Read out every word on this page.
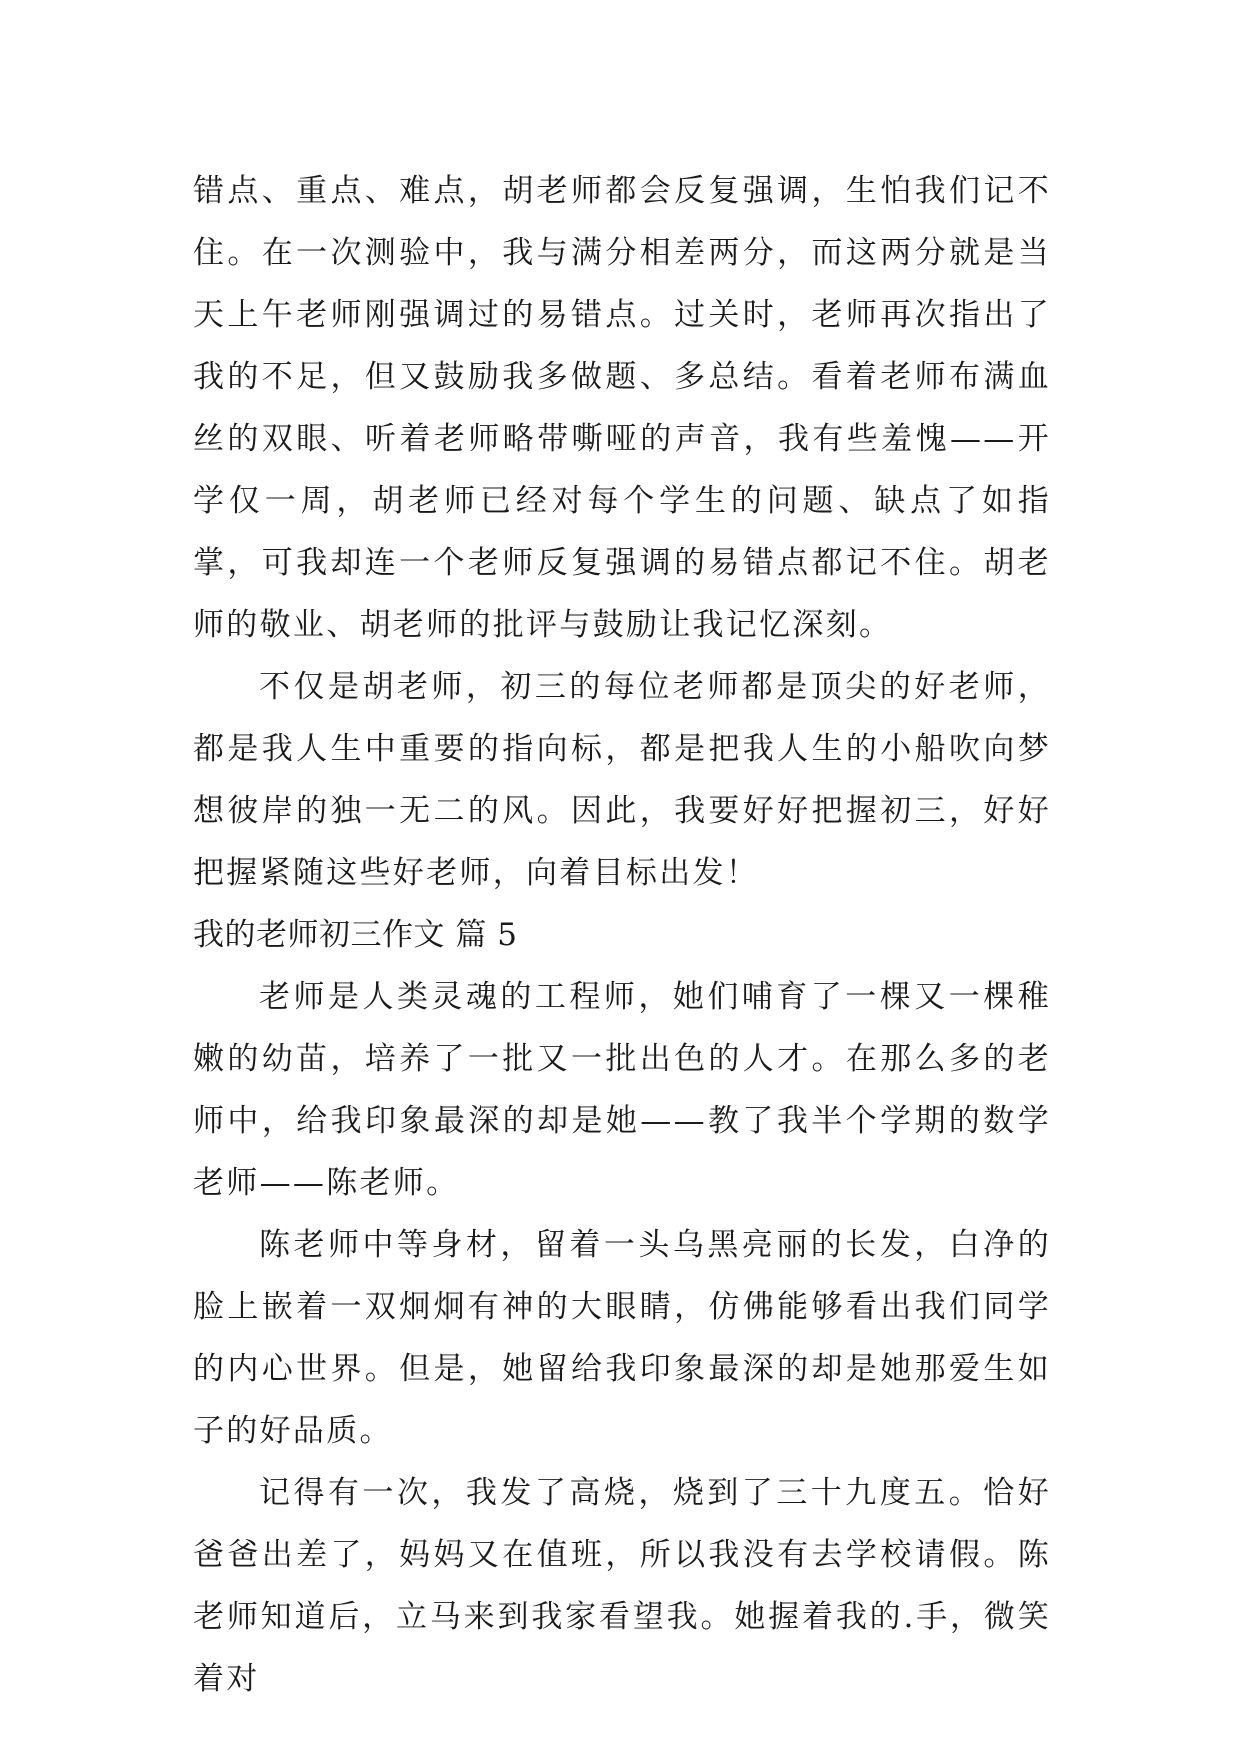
错点、重点、难点，胡老师都会反复强调，生怕我们记不住。在一次测验中，我与满分相差两分，而这两分就是当天上午老师刚强调过的易错点。过关时，老师再次指出了我的不足，但又鼓励我多做题、多总结。看着老师布满血丝的双眼、听着老师略带嘶哑的声音，我有些羞愧——开学仅一周，胡老师已经对每个学生的问题、缺点了如指掌，可我却连一个老师反复强调的易错点都记不住。胡老师的敬业、胡老师的批评与鼓励让我记忆深刻。

不仅是胡老师，初三的每位老师都是顶尖的好老师，都是我人生中重要的指向标，都是把我人生的小船吹向梦想彼岸的独一无二的风。因此，我要好好把握初三，好好把握紧随这些好老师，向着目标出发！

我的老师初三作文 篇 5

老师是人类灵魂的工程师，她们哺育了一棵又一棵稚嫩的幼苗，培养了一批又一批出色的人才。在那么多的老师中，给我印象最深的却是她——教了我半个学期的数学老师——陈老师。

陈老师中等身材，留着一头乌黑亮丽的长发，白净的脸上嵌着一双炯炯有神的大眼睛，仿佛能够看出我们同学的内心世界。但是，她留给我印象最深的却是她那爱生如子的好品质。

记得有一次，我发了高烧，烧到了三十九度五。恰好爸爸出差了，妈妈又在值班，所以我没有去学校请假。陈老师知道后，立马来到我家看望我。她握着我的.手，微笑着对
